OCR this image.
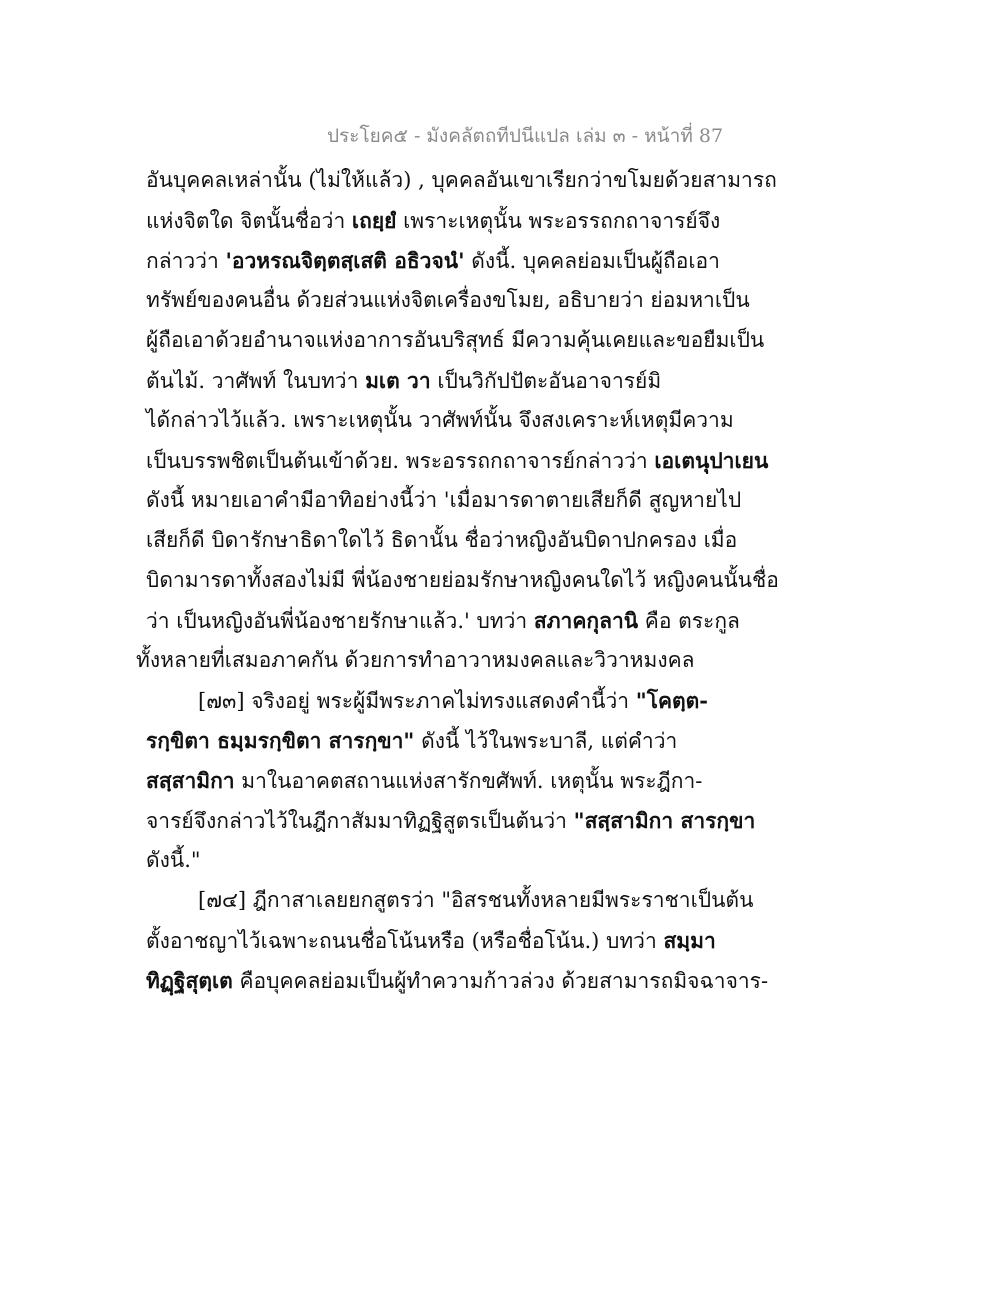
ประโยค๕ - มังคลัตถทีปนีแปล เล่ม ๓ - หน้าที่ 87
อันบุคคลเหล่านั้น (ไม่ให้แล้ว) , บุคคลอันเขาเรียกว่าขโมยด้วยสามารถ
แห่งจิตใด จิตนั้นชื่อว่า เถยฺยํ เพราะเหตุนั้น พระอรรถกถาจารย์จึง
กล่าวว่า 'อวหรณจิตฺตสฺเสติ อธิวจนํ' ดังนี้. บุคคลย่อมเป็นผู้ถือเอา
ทรัพย์ของคนอื่น ด้วยส่วนแห่งจิตเครื่องขโมย, อธิบายว่า ย่อมหาเป็น
ผู้ถือเอาด้วยอำนาจแห่งอาการอันบริสุทธ์ มีความคุ้นเคยและขอยืมเป็น
ต้นไม้. วาศัพท์ ในบทว่า มเต วา เป็นวิกัปปัตะอันอาจารย์มิ
ได้กล่าวไว้แล้ว. เพราะเหตุนั้น วาศัพท์นั้น จึงสงเคราะห์เหตุมีความ
เป็นบรรพชิตเป็นต้นเข้าด้วย. พระอรรถกถาจารย์กล่าวว่า เอเตนุปาเยน
ดังนี้ หมายเอาคำมีอาทิอย่างนี้ว่า 'เมื่อมารดาตายเสียก็ดี สูญหายไป
เสียก็ดี บิดารักษาธิดาใดไว้ ธิดานั้น ชื่อว่าหญิงอันบิดาปกครอง เมื่อ
บิดามารดาทั้งสองไม่มี พี่น้องชายย่อมรักษาหญิงคนใดไว้ หญิงคนนั้นชื่อ
ว่า เป็นหญิงอันพี่น้องชายรักษาแล้ว.' บทว่า สภาคกุลานิ คือ ตระกูล
ทั้งหลายที่เสมอภาคกัน ด้วยการทำอาวาหมงคลและวิวาหมงคล
[๗๓] จริงอยู่ พระผู้มีพระภาคไม่ทรงแสดงคำนี้ว่า "โคตฺต-
รกฺขิตา ธมฺมรกฺขิตา สารกฺขา" ดังนี้ ไว้ในพระบาลี, แต่คำว่า
สสฺสามิกา มาในอาคตสถานแห่งสารักขศัพท์. เหตุนั้น พระฎีกา-
จารย์จึงกล่าวไว้ในฎีกาสัมมาทิฏฐิสูตรเป็นต้นว่า "สสฺสามิกา สารกฺขา
ดังนี้."
[๗๔] ฎีกาสาเลยยกสูตรว่า "อิสรชนทั้งหลายมีพระราชาเป็นต้น
ตั้งอาชญาไว้เฉพาะถนนชื่อโน้นหรือ (หรือชื่อโน้น.) บทว่า สมฺมา
ทิฏฺฐิสุตฺเต คือบุคคลย่อมเป็นผู้ทำความก้าวล่วง ด้วยสามารถมิจฉาจาร-
